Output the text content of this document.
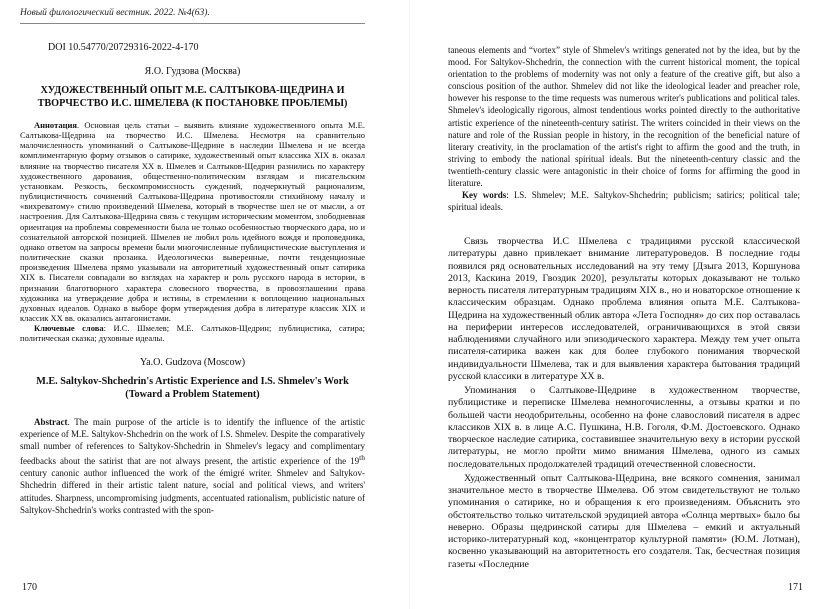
Новый филологический вестник. 2022. №4(63).
DOI 10.54770/20729316-2022-4-170
Я.О. Гудзова (Москва)
ХУДОЖЕСТВЕННЫЙ ОПЫТ М.Е. САЛТЫКОВА-ЩЕДРИНА И ТВОРЧЕСТВО И.С. ШМЕЛЕВА (К ПОСТАНОВКЕ ПРОБЛЕМЫ)

Аннотация. Основная цель статьи – выявить влияние художественного опыта М.Е. Салтыкова-Щедрина на творчество И.С. Шмелева. Несмотря на сравнительно малочисленность упоминаний о Салтыкове-Щедрине в наследии Шмелева и не всегда комплиментарную форму отзывов о сатирике, художественный опыт классика XIX в. оказал влияние на творчество писателя XX в. Шмелев и Салтыков-Щедрин разнились по характеру художественного дарования, общественно-политическим взглядам и писательским установкам. Резкость, бескомпромиссность суждений, подчеркнутый рационализм, публицистичность сочинений Салтыкова-Щедрина противостояли стихийному началу и «вихреватому» стилю произведений Шмелева, который в творчестве шел не от мысли, а от настроения. Для Салтыкова-Щедрина связь с текущим историческим моментом, злободневная ориентация на проблемы современности была не только особенностью творческого дара, но и сознательной авторской позицией. Шмелев не любил роль идейного вождя и проповедника, однако ответом на запросы времени были многочисленные публицистические выступления и политические сказки прозаика. Идеологически выверенные, почти тенденциозные произведения Шмелева прямо указывали на авторитетный художественный опыт сатирика XIX в. Писатели совпадали во взглядах на характер и роль русского народа в истории, в признании благотворного характера словесного творчества, в провозглашении права художника на утверждение добра и истины, в стремлении к воплощению национальных духовных идеалов. Однако в выборе форм утверждения добра в литературе классик XIX и классик XX вв. оказались антагонистами.

Ключевые слова: И.С. Шмелев; М.Е. Салтыков-Щедрин; публицистика, сатира; политическая сказка; духовные идеалы.

Ya.O. Gudzova (Moscow)
M.E. Saltykov-Shchedrin's Artistic Experience and I.S. Shmelev's Work (Toward a Problem Statement)

Abstract. The main purpose of the article is to identify the influence of the artistic experience of M.E. Saltykov-Shchedrin on the work of I.S. Shmelev. Despite the comparatively small number of references to Saltykov-Shchedrin in Shmelev's legacy and complimentary feedbacks about the satirist that are not always present, the artistic experience of the 19th century canonic author influenced the work of the émigré writer. Shmelev and Saltykov-Shchedrin differed in their artistic talent nature, social and political views, and writers' attitudes. Sharpness, uncompromising judgments, accentuated rationalism, publicistic nature of Saltykov-Shchedrin's works contrasted with the spon-

170

taneous elements and “vortex” style of Shmelev's writings generated not by the idea, but by the mood. For Saltykov-Shchedrin, the connection with the current historical moment, the topical orientation to the problems of modernity was not only a feature of the creative gift, but also a conscious position of the author. Shmelev did not like the ideological leader and preacher role, however his response to the time requests was numerous writer's publications and political tales. Shmelev's ideologically rigorous, almost tendentious works pointed directly to the authoritative artistic experience of the nineteenth-century satirist. The writers coincided in their views on the nature and role of the Russian people in history, in the recognition of the beneficial nature of literary creativity, in the proclamation of the artist's right to affirm the good and the truth, in striving to embody the national spiritual ideals. But the nineteenth-century classic and the twentieth-century classic were antagonistic in their choice of forms for affirming the good in literature.

Key words: I.S. Shmelev; M.E. Saltykov-Shchedrin; publicism; satirics; political tale; spiritual ideals.

Связь творчества И.С Шмелева с традициями русской классической литературы давно привлекает внимание литературоведов. В последние годы появился ряд основательных исследований на эту тему [Дзыга 2013, Коршунова 2013, Каскина 2019, Гвоздик 2020], результаты которых доказывают не только верность писателя литературным традициям XIX в., но и новаторское отношение к классическим образцам. Однако проблема влияния опыта М.Е. Салтыкова-Щедрина на художественный облик автора «Лета Господня» до сих пор оставалась на периферии интересов исследователей, ограничивающихся в этой связи наблюдениями случайного или эпизодического характера. Между тем учет опыта писателя-сатирика важен как для более глубокого понимания творческой индивидуальности Шмелева, так и для выявления характера бытования традиций русской классики в литературе XX в.

Упоминания о Салтыкове-Щедрине в художественном творчестве, публицистике и переписке Шмелева немногочисленны, а отзывы кратки и по большей части неодобрительны, особенно на фоне славословий писателя в адрес классиков XIX в. в лице А.С. Пушкина, Н.В. Гоголя, Ф.М. Достоевского. Однако творческое наследие сатирика, составившее значительную веху в истории русской литературы, не могло пройти мимо внимания Шмелева, одного из самых последовательных продолжателей традиций отечественной словесности.

Художественный опыт Салтыкова-Щедрина, вне всякого сомнения, занимал значительное место в творчестве Шмелева. Об этом свидетельствуют не только упоминания о сатирике, но и обращения к его произведениям. Объяснить это обстоятельство только читательской эрудицией автора «Солнца мертвых» было бы неверно. Образы щедринской сатиры для Шмелева – емкий и актуальный историко-литературный код, «концентратор культурной памяти» (Ю.М. Лотман), косвенно указывающий на авторитетность его создателя. Так, бесчестная позиция газеты «Последние

171
